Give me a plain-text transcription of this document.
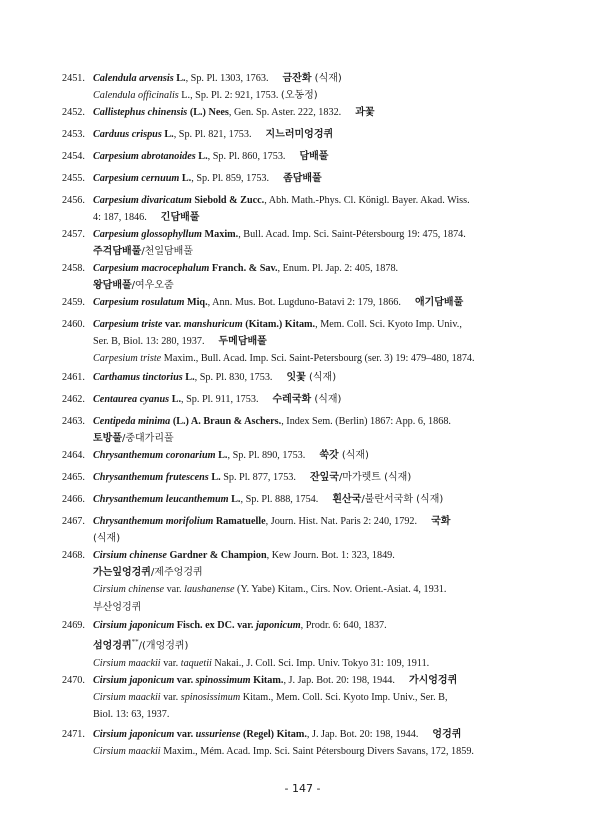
2451. Calendula arvensis L., Sp. Pl. 1303, 1763. 금잔화 (식재)
Calendula officinalis L., Sp. Pl. 2: 921, 1753. (오동정)
2452. Callistephus chinensis (L.) Nees, Gen. Sp. Aster. 222, 1832. 과꽃
2453. Carduus crispus L., Sp. Pl. 821, 1753. 지느러미엉겅퀴
2454. Carpesium abrotanoides L., Sp. Pl. 860, 1753. 담배풀
2455. Carpesium cernuum L., Sp. Pl. 859, 1753. 좀담배풀
2456. Carpesium divaricatum Siebold & Zucc., Abh. Math.-Phys. Cl. Königl. Bayer. Akad. Wiss.
4: 187, 1846. 긴담배풀
2457. Carpesium glossophyllum Maxim., Bull. Acad. Imp. Sci. Saint-Pétersbourg 19: 475, 1874.
주걱담배풀/천일담배풀
2458. Carpesium macrocephalum Franch. & Sav., Enum. Pl. Jap. 2: 405, 1878.
왕담배풀/여우오줌
2459. Carpesium rosulatum Miq., Ann. Mus. Bot. Lugduno-Batavi 2: 179, 1866. 애기담배풀
2460. Carpesium triste var. manshuricum (Kitam.) Kitam., Mem. Coll. Sci. Kyoto Imp. Univ.,
Ser. B, Biol. 13: 280, 1937. 두메담배풀
Carpesium triste Maxim., Bull. Acad. Imp. Sci. Saint-Petersbourg (ser. 3) 19: 479–480, 1874.
2461. Carthamus tinctorius L., Sp. Pl. 830, 1753. 잇꽃 (식재)
2462. Centaurea cyanus L., Sp. Pl. 911, 1753. 수레국화 (식재)
2463. Centipeda minima (L.) A. Braun & Aschers., Index Sem. (Berlin) 1867: App. 6, 1868.
토방풀/중대가리풀
2464. Chrysanthemum coronarium L., Sp. Pl. 890, 1753. 쑥갓 (식재)
2465. Chrysanthemum frutescens L. Sp. Pl. 877, 1753. 잔잎국/마가렛트 (식재)
2466. Chrysanthemum leucanthemum L., Sp. Pl. 888, 1754. 흰산국/불란서국화 (식재)
2467. Chrysanthemum morifolium Ramatuelle, Journ. Hist. Nat. Paris 2: 240, 1792. 국화
(식재)
2468. Cirsium chinense Gardner & Champion, Kew Journ. Bot. 1: 323, 1849.
가는잎엉겅퀴/제주엉겅퀴
Cirsium chinense var. laushanense (Y. Yabe) Kitam., Cirs. Nov. Orient.-Asiat. 4, 1931.
부산엉겅퀴
2469. Cirsium japonicum Fisch. ex DC. var. japonicum, Prodr. 6: 640, 1837.
섬엉겅퀴**/(개엉겅퀴)
Cirsium maackii var. taquetii Nakai., J. Coll. Sci. Imp. Univ. Tokyo 31: 109, 1911.
2470. Cirsium japonicum var. spinossimum Kitam., J. Jap. Bot. 20: 198, 1944. 가시엉겅퀴
Cirsium maackii var. spinosissimum Kitam., Mem. Coll. Sci. Kyoto Imp. Univ., Ser. B,
Biol. 13: 63, 1937.
2471. Cirsium japonicum var. ussuriense (Regel) Kitam., J. Jap. Bot. 20: 198, 1944. 엉겅퀴
Cirsium maackii Maxim., Mém. Acad. Imp. Sci. Saint Pétersbourg Divers Savans, 172, 1859.
- 147 -
